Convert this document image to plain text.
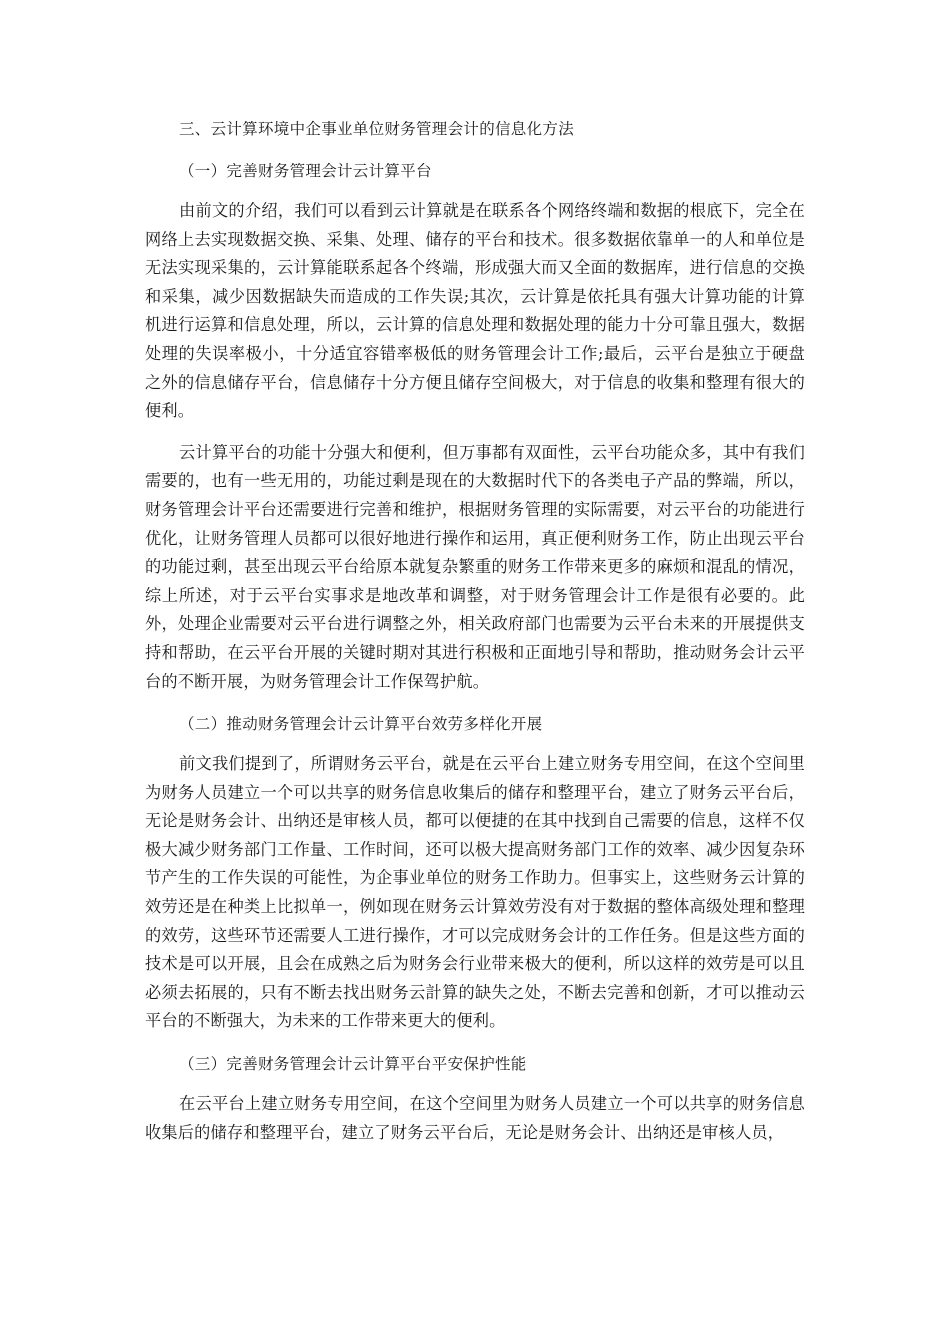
三、云计算环境中企事业单位财务管理会计的信息化方法

（一）完善财务管理会计云计算平台

由前文的介绍，我们可以看到云计算就是在联系各个网络终端和数据的根底下，完全在网络上去实现数据交换、采集、处理、储存的平台和技术。很多数据依靠单一的人和单位是无法实现采集的，云计算能联系起各个终端，形成强大而又全面的数据库，进行信息的交换和采集，减少因数据缺失而造成的工作失误;其次，云计算是依托具有强大计算功能的计算机进行运算和信息处理，所以，云计算的信息处理和数据处理的能力十分可靠且强大，数据处理的失误率极小，十分适宜容错率极低的财务管理会计工作;最后，云平台是独立于硬盘之外的信息储存平台，信息储存十分方便且储存空间极大，对于信息的收集和整理有很大的便利。

云计算平台的功能十分强大和便利，但万事都有双面性，云平台功能众多，其中有我们需要的，也有一些无用的，功能过剩是现在的大数据时代下的各类电子产品的弊端，所以，财务管理会计平台还需要进行完善和维护，根据财务管理的实际需要，对云平台的功能进行优化，让财务管理人员都可以很好地进行操作和运用，真正便利财务工作，防止出现云平台的功能过剩，甚至出现云平台给原本就复杂繁重的财务工作带来更多的麻烦和混乱的情况，综上所述，对于云平台实事求是地改革和调整，对于财务管理会计工作是很有必要的。此外，处理企业需要对云平台进行调整之外，相关政府部门也需要为云平台未来的开展提供支持和帮助，在云平台开展的关键时期对其进行积极和正面地引导和帮助，推动财务会计云平台的不断开展，为财务管理会计工作保驾护航。

（二）推动财务管理会计云计算平台效劳多样化开展

前文我们提到了，所谓财务云平台，就是在云平台上建立财务专用空间，在这个空间里为财务人员建立一个可以共享的财务信息收集后的储存和整理平台，建立了财务云平台后，无论是财务会计、出纳还是审核人员，都可以便捷的在其中找到自己需要的信息，这样不仅极大减少财务部门工作量、工作时间，还可以极大提高财务部门工作的效率、减少因复杂环节产生的工作失误的可能性，为企事业单位的财务工作助力。但事实上，这些财务云计算的效劳还是在种类上比拟单一，例如现在财务云计算效劳没有对于数据的整体高级处理和整理的效劳，这些环节还需要人工进行操作，才可以完成财务会计的工作任务。但是这些方面的技术是可以开展，且会在成熟之后为财务会行业带来极大的便利，所以这样的效劳是可以且必须去拓展的，只有不断去找出财务云計算的缺失之处，不断去完善和创新，才可以推动云平台的不断强大，为未来的工作带来更大的便利。

（三）完善财务管理会计云计算平台平安保护性能

在云平台上建立财务专用空间，在这个空间里为财务人员建立一个可以共享的财务信息收集后的储存和整理平台，建立了财务云平台后，无论是财务会计、出纳还是审核人员，
